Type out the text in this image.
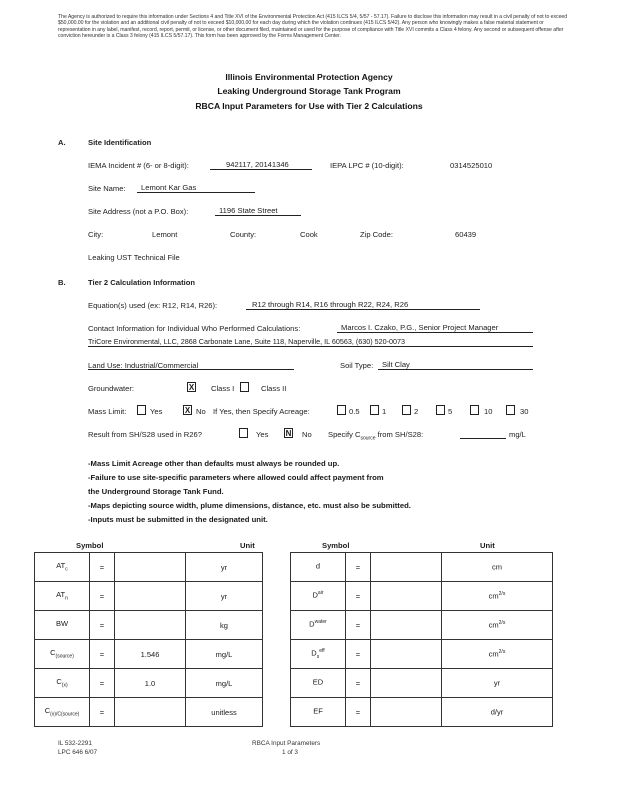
The Agency is authorized to require this information under Sections 4 and Title XVI of the Environmental Protection Act (415 ILCS 5/4, 5/57 - 57.17). Failure to disclose this information may result in a civil penalty of not to exceed $50,000.00 for the violation and an additional civil penalty of not to exceed $10,000.00 for each day during which the violation continues (415 ILCS 5/42). Any person who knowingly makes a false material statement or representation in any label, manifest, record, report, permit, or license, or other document filed, maintained or used for the purpose of compliance with Title XVI commits a Class 4 felony. Any second or subsequent offense after conviction hereunder is a Class 3 felony (415 ILCS 5/57.17). This form has been approved by the Forms Management Center.
Illinois Environmental Protection Agency
Leaking Underground Storage Tank Program
RBCA Input Parameters for Use with Tier 2 Calculations
A.	Site Identification
IEMA Incident # (6- or 8-digit):	942117, 20141346	IEPA LPC # (10-digit):	0314525010
Site Name:	Lemont Kar Gas
Site Address (not a P.O. Box):	1196 State Street
City:	Lemont	County:	Cook	Zip Code:	60439
Leaking UST Technical File
B.	Tier 2 Calculation Information
Equation(s) used (ex: R12, R14, R26):	R12 through R14, R16 through R22, R24, R26
Contact Information for Individual Who Performed Calculations:	Marcos I. Czako, P.G., Senior Project Manager
TriCore Environmental, LLC, 2868 Carbonate Lane, Suite 118, Naperville, IL 60563, (630) 520-0073
Land Use: Industrial/Commercial	Soil Type:	Silt Clay
Groundwater:	X Class I	Class II
Mass Limit:	Yes	X No If Yes, then Specify Acreage:	0.5	1	2	5	10	30
Result from SH/S28 used in R26?	Yes N No Specify $C_{source}$ from SH/S28:	mg/L
-Mass Limit Acreage other than defaults must always be rounded up.
-Failure to use site-specific parameters where allowed could affect payment from
the Underground Storage Tank Fund.
-Maps depicting source width, plume dimensions, distance, etc. must also be submitted.
-Inputs must be submitted in the designated unit.
Symbol	Unit	Symbol	Unit
$AT_c$	=		yr
$AT_n$	=		yr
BW	=		kg
$C_{(source)}$	=	1.546	mg/L
$C_{(x)}$	=	1.0	mg/L
$C_{(x)/C(source)}$	=		unitless
d	=		cm
$D^{air}$	=		$cm^{2/s}$
$D^{water}$	=		$cm^{2/s}$
$D_s^{eff}$	=		$cm^{2/s}$
ED	=		yr
EF	=		d/yr
IL 532-2291
LPC 646 6/07
RBCA Input Parameters
1 of 3
